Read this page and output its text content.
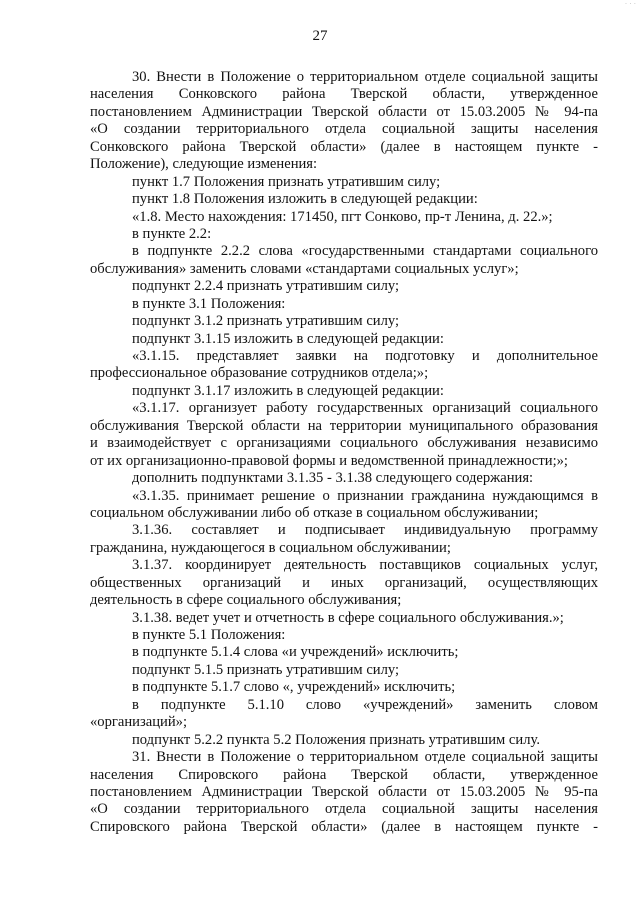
· · ·
27
30. Внести в Положение о территориальном отделе социальной защиты
населения Сонковского района Тверской области, утвержденное
постановлением Администрации Тверской области от 15.03.2005 № 94-па
«О создании территориального отдела социальной защиты населения
Сонковского района Тверской области» (далее в настоящем пункте -
Положение), следующие изменения:
пункт 1.7 Положения признать утратившим силу;
пункт 1.8 Положения изложить в следующей редакции:
«1.8. Место нахождения: 171450, пгт Сонково, пр-т Ленина, д. 22.»;
в пункте 2.2:
в подпункте 2.2.2 слова «государственными стандартами социального
обслуживания» заменить словами «стандартами социальных услуг»;
подпункт 2.2.4 признать утратившим силу;
в пункте 3.1 Положения:
подпункт 3.1.2 признать утратившим силу;
подпункт 3.1.15 изложить в следующей редакции:
«3.1.15. представляет заявки на подготовку и дополнительное
профессиональное образование сотрудников отдела;»;
подпункт 3.1.17 изложить в следующей редакции:
«3.1.17. организует работу государственных организаций социального
обслуживания Тверской области на территории муниципального образования
и взаимодействует с организациями социального обслуживания независимо
от их организационно-правовой формы и ведомственной принадлежности;»;
дополнить подпунктами 3.1.35 - 3.1.38 следующего содержания:
«3.1.35. принимает решение о признании гражданина нуждающимся в
социальном обслуживании либо об отказе в социальном обслуживании;
3.1.36. составляет и подписывает индивидуальную программу
гражданина, нуждающегося в социальном обслуживании;
3.1.37. координирует деятельность поставщиков социальных услуг,
общественных организаций и иных организаций, осуществляющих
деятельность в сфере социального обслуживания;
3.1.38. ведет учет и отчетность в сфере социального обслуживания.»;
в пункте 5.1 Положения:
в подпункте 5.1.4 слова «и учреждений» исключить;
подпункт 5.1.5 признать утратившим силу;
в подпункте 5.1.7 слово «, учреждений» исключить;
в подпункте 5.1.10 слово «учреждений» заменить словом
«организаций»;
подпункт 5.2.2 пункта 5.2 Положения признать утратившим силу.
31. Внести в Положение о территориальном отделе социальной защиты
населения Спировского района Тверской области, утвержденное
постановлением Администрации Тверской области от 15.03.2005 № 95-па
«О создании территориального отдела социальной защиты населения
Спировского района Тверской области» (далее в настоящем пункте -
